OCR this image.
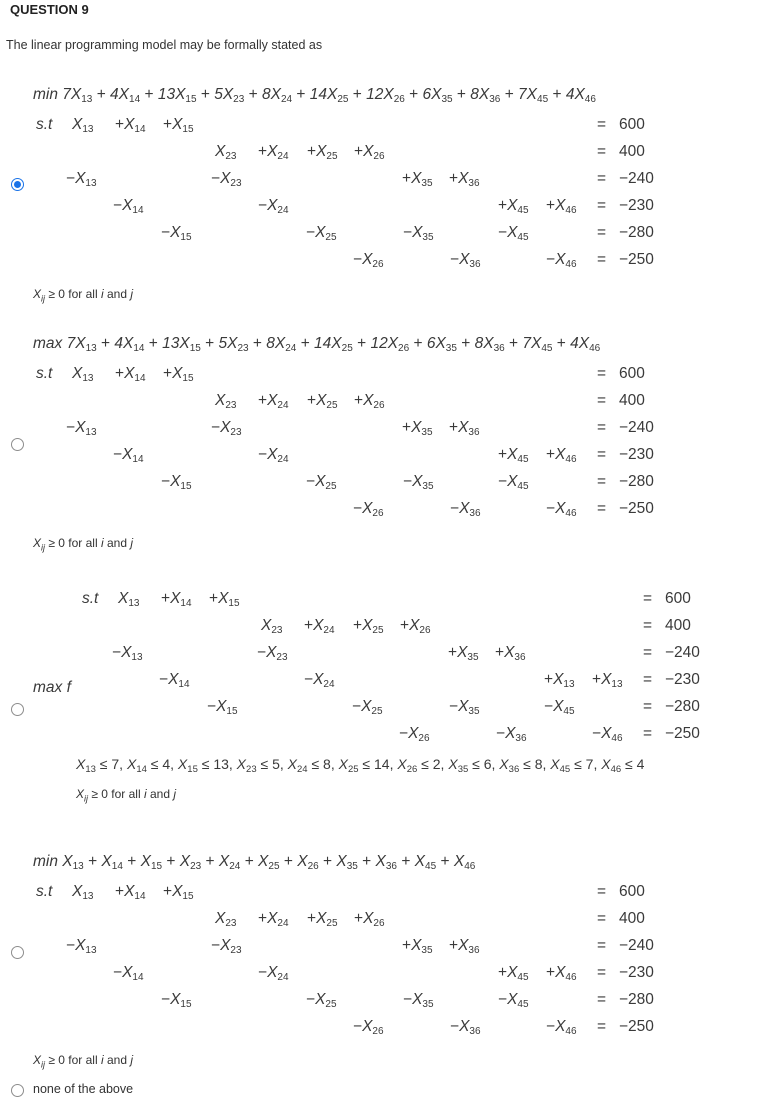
QUESTION 9
The linear programming model may be formally stated as
$\min 7X_{13} + 4X_{14} + 13X_{15} + 5X_{23} + 8X_{24} + 14X_{25} + 12X_{26} + 6X_{35} + 8X_{36} + 7X_{45} + 4X_{46}$
$X_{ij} \ge 0$ for all i and j
s.t $X_{13} +X_{14} +X_{15}$	= 600
$X_{23} +X_{24} +X_{25} +X_{26}$	= 400
$-X_{13}$	$-X_{23}$	$+X_{35} +X_{36}$	= −240
$-X_{14}$	$-X_{24}$	$+X_{45} +X_{46} = -230$
$-X_{15}$	$-X_{25}$	$-X_{35}$	$-X_{45}$	= −280
$-X_{26}$	$-X_{36}$	$-X_{46} = -250$
$\max 7X_{13} + 4X_{14} + 13X_{15} + 5X_{23} + 8X_{24} + 14X_{25} + 12X_{26} + 6X_{35} + 8X_{36} + 7X_{45} + 4X_{46}$
$X_{ij} \ge 0$ for all i and j
s.t $X_{13} +X_{14} +X_{15}$	= 600
$X_{23} +X_{24} +X_{25} +X_{26}$	= 400
$-X_{13}$	$-X_{23}$	$+X_{35} +X_{36}$	= −240
$-X_{14}$	$-X_{24}$	$+X_{45} +X_{46} = -230$
$-X_{15}$	$-X_{25}$	$-X_{35}$	$-X_{45}$	= −280
$-X_{26}$	$-X_{36}$	$-X_{46} = -250$
max f
$X_{13} \le 7$, $X_{14} \le 4$, $X_{15} \le 13$, $X_{23} \le 5$, $X_{24} \le 8$, $X_{25} \le 14$, $X_{26} \le 2$, $X_{35} \le 6$, $X_{36} \le 8$, $X_{45} \le 7$, $X_{46} \le 4$
$X_{ij} \ge 0$ for all i and j
s.t $X_{13} +X_{14} +X_{15}$	= 600
$X_{23} +X_{24} +X_{25} +X_{26}$	= 400
$-X_{13}$	$-X_{23}$	$+X_{35} +X_{36}$	= −240
$-X_{14}$	$-X_{24}$	$+X_{13} +X_{13} = -230$
$-X_{15}$	$-X_{25}$	$-X_{35}$	$-X_{45}$	= −280
$-X_{26}$	$-X_{36}$	$-X_{46} = -250$
$\min X_{13} + X_{14} + X_{15} + X_{23} + X_{24} + X_{25} + X_{26} + X_{35} + X_{36} + X_{45} + X_{46}$
$X_{ij} \ge 0$ for all i and j
s.t $X_{13} +X_{14} +X_{15}$	= 600
$X_{23} +X_{24} +X_{25} +X_{26}$	= 400
$-X_{13}$	$-X_{23}$	$+X_{35} +X_{36}$	= −240
$-X_{14}$	$-X_{24}$	$+X_{45} +X_{46} = -230$
$-X_{15}$	$-X_{25}$	$-X_{35}$	$-X_{45}$	= −280
$-X_{26}$	$-X_{36}$	$-X_{46} = -250$
none of the above
